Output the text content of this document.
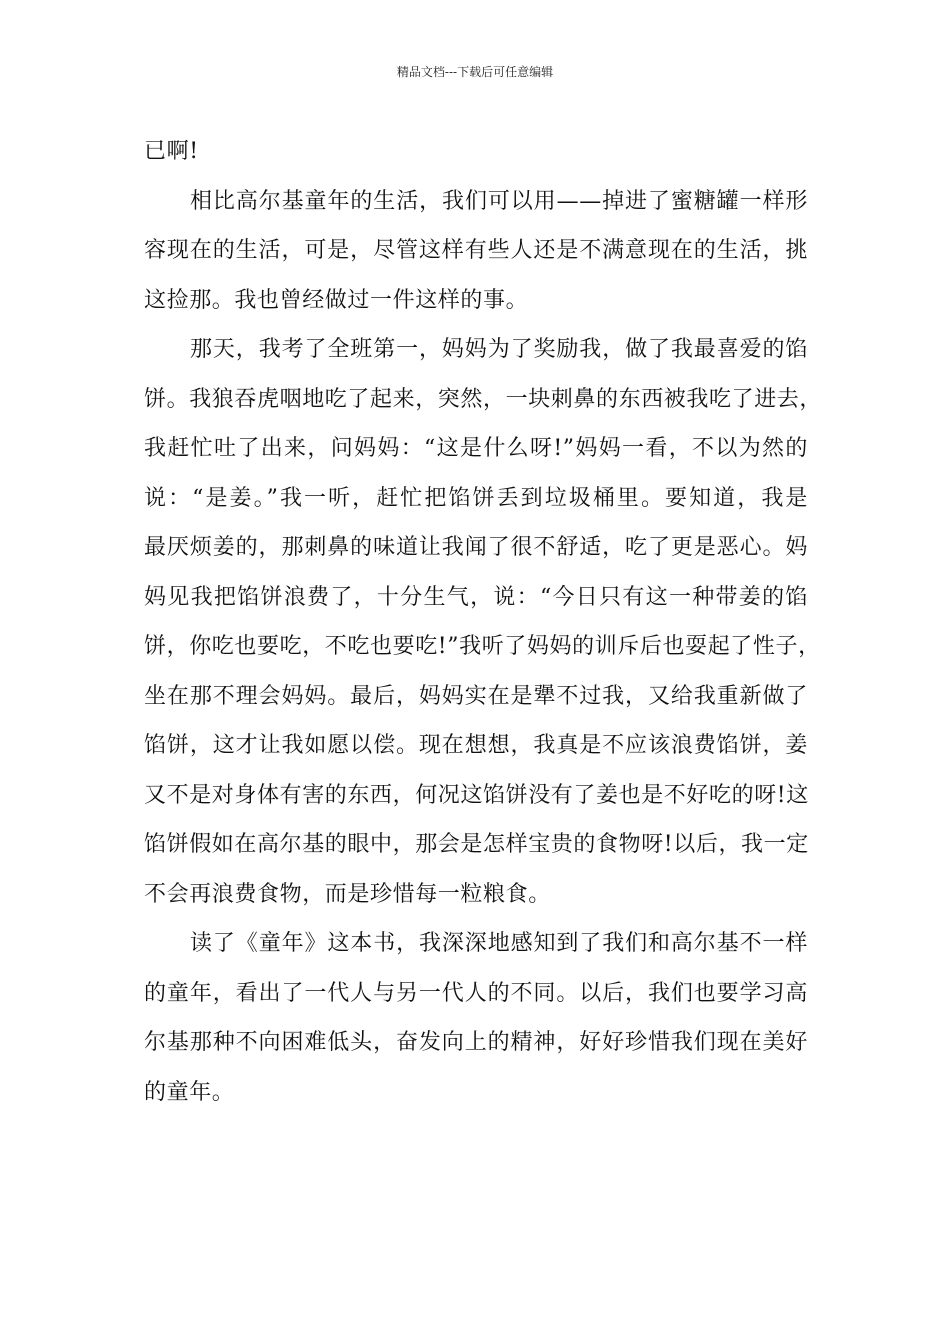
精品文档---下载后可任意编辑
已啊!
相比高尔基童年的生活，我们可以用——掉进了蜜糖罐一样形
容现在的生活，可是，尽管这样有些人还是不满意现在的生活，挑
这捡那。我也曾经做过一件这样的事。
那天，我考了全班第一，妈妈为了奖励我，做了我最喜爱的馅
饼。我狼吞虎咽地吃了起来，突然，一块刺鼻的东西被我吃了进去，
我赶忙吐了出来，问妈妈：“这是什么呀!”妈妈一看，不以为然的
说：“是姜。”我一听，赶忙把馅饼丢到垃圾桶里。要知道，我是
最厌烦姜的，那刺鼻的味道让我闻了很不舒适，吃了更是恶心。妈
妈见我把馅饼浪费了，十分生气，说：“今日只有这一种带姜的馅
饼，你吃也要吃，不吃也要吃!”我听了妈妈的训斥后也耍起了性子，
坐在那不理会妈妈。最后，妈妈实在是犟不过我，又给我重新做了
馅饼，这才让我如愿以偿。现在想想，我真是不应该浪费馅饼，姜
又不是对身体有害的东西，何况这馅饼没有了姜也是不好吃的呀!这
馅饼假如在高尔基的眼中，那会是怎样宝贵的食物呀!以后，我一定
不会再浪费食物，而是珍惜每一粒粮食。
读了《童年》这本书，我深深地感知到了我们和高尔基不一样
的童年，看出了一代人与另一代人的不同。以后，我们也要学习高
尔基那种不向困难低头，奋发向上的精神，好好珍惜我们现在美好
的童年。
